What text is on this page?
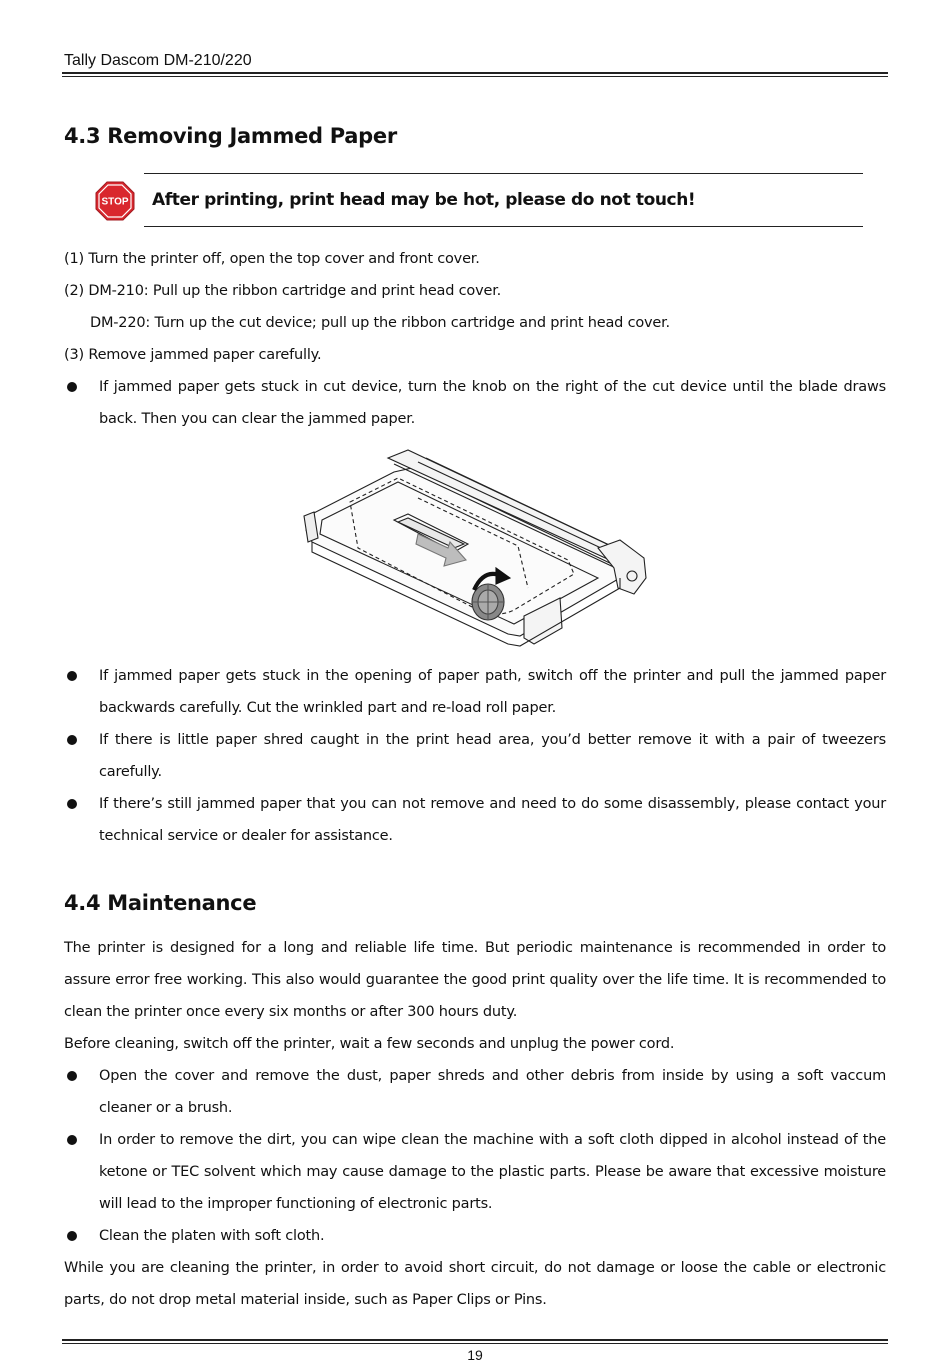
Tally Dascom DM-210/220
4.3 Removing Jammed Paper
STOP After printing, print head may be hot, please do not touch!
(1) Turn the printer off, open the top cover and front cover.
(2) DM-210: Pull up the ribbon cartridge and print head cover.
DM-220: Turn up the cut device; pull up the ribbon cartridge and print head cover.
(3) Remove jammed paper carefully.
If jammed paper gets stuck in cut device, turn the knob on the right of the cut device until the blade draws back. Then you can clear the jammed paper.
If jammed paper gets stuck in the opening of paper path, switch off the printer and pull the jammed paper backwards carefully. Cut the wrinkled part and re-load roll paper.
If there is little paper shred caught in the print head area, you’d better remove it with a pair of tweezers carefully.
If there’s still jammed paper that you can not remove and need to do some disassembly, please contact your technical service or dealer for assistance.
4.4 Maintenance
The printer is designed for a long and reliable life time. But periodic maintenance is recommended in order to assure error free working. This also would guarantee the good print quality over the life time. It is recommended to clean the printer once every six months or after 300 hours duty.
Before cleaning, switch off the printer, wait a few seconds and unplug the power cord.
Open the cover and remove the dust, paper shreds and other debris from inside by using a soft vaccum cleaner or a brush.
In order to remove the dirt, you can wipe clean the machine with a soft cloth dipped in alcohol instead of the ketone or TEC solvent which may cause damage to the plastic parts. Please be aware that excessive moisture will lead to the improper functioning of electronic parts.
Clean the platen with soft cloth.
While you are cleaning the printer, in order to avoid short circuit, do not damage or loose the cable or electronic parts, do not drop metal material inside, such as Paper Clips or Pins.
19
